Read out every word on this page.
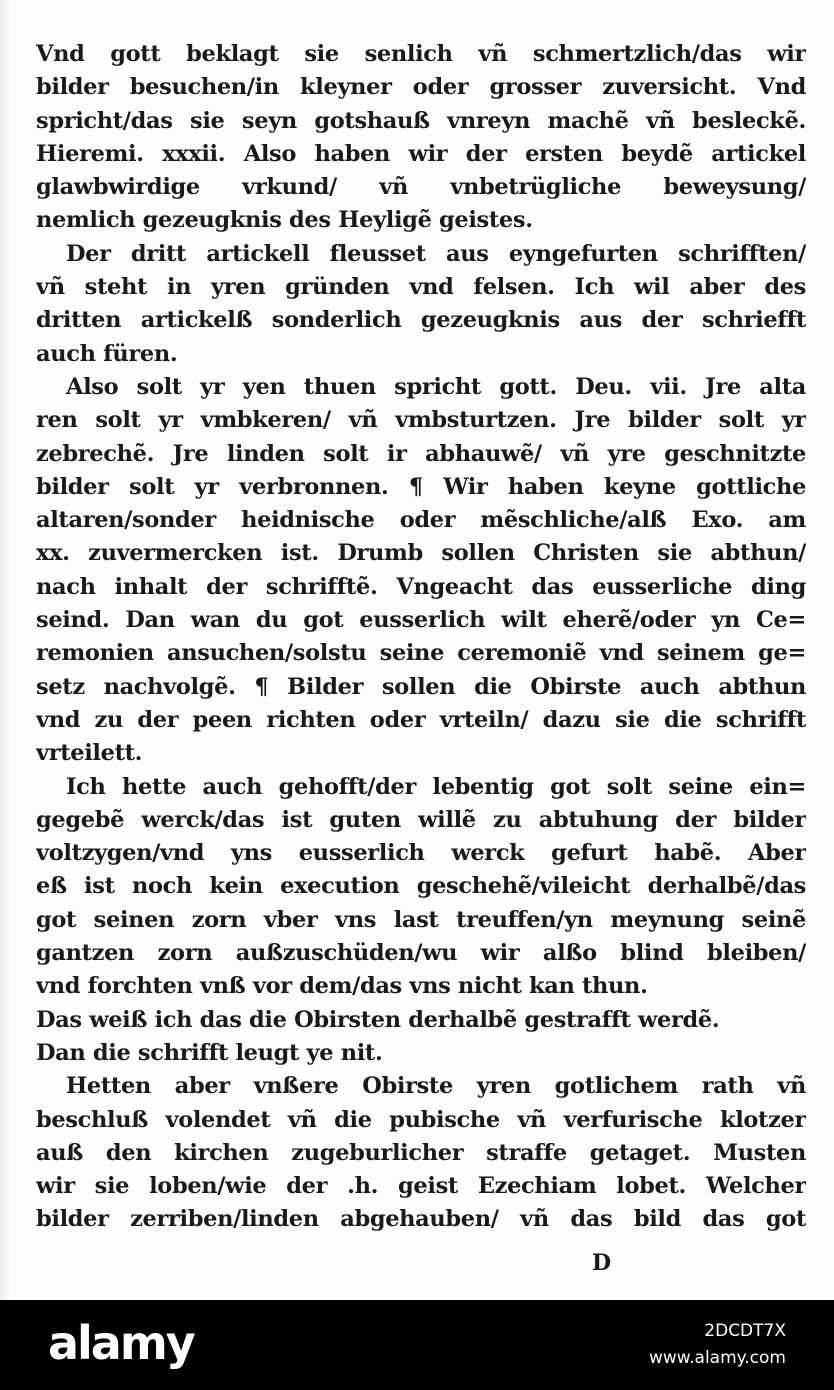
Vnd gott beklagt sie senlich vñ schmertzlich/das wir
bilder besuchen/in kleyner oder grosser zuversicht. Vnd
spricht/das sie seyn gotshauß vnreyn machẽ vñ besleckẽ.
Hieremi. xxxii. Also haben wir der ersten beydẽ artickel
glawbwirdige vrkund/ vñ vnbetrügliche beweysung/
nemlich gezeugknis des Heyligẽ geistes.
Der dritt artickell fleusset aus eyngefurten schrifften/
vñ steht in yren gründen vnd felsen. Ich wil aber des
dritten artickelß sonderlich gezeugknis aus der schriefft
auch füren.
Also solt yr yen thuen spricht gott. Deu. vii. Jre alta
ren solt yr vmbkeren/ vñ vmbsturtzen. Jre bilder solt yr
zebrechẽ. Jre linden solt ir abhauwẽ/ vñ yre geschnitzte
bilder solt yr verbronnen. ¶ Wir haben keyne gottliche
altaren/sonder heidnische oder mẽschliche/alß Exo. am
xx. zuvermercken ist. Drumb sollen Christen sie abthun/
nach inhalt der schrifftẽ. Vngeacht das eusserliche ding
seind. Dan wan du got eusserlich wilt eherẽ/oder yn Ce=
remonien ansuchen/solstu seine ceremoniẽ vnd seinem ge=
setz nachvolgẽ. ¶ Bilder sollen die Obirste auch abthun
vnd zu der peen richten oder vrteiln/ dazu sie die schrifft
vrteilett.
Ich hette auch gehofft/der lebentig got solt seine ein=
gegebẽ werck/das ist guten willẽ zu abtuhung der bilder
voltzygen/vnd yns eusserlich werck gefurt habẽ. Aber
eß ist noch kein execution geschehẽ/vileicht derhalbẽ/das
got seinen zorn vber vns last treuffen/yn meynung seinẽ
gantzen zorn außzuschüden/wu wir alßo blind bleiben/
vnd forchten vnß vor dem/das vns nicht kan thun.
Das weiß ich das die Obirsten derhalbẽ gestrafft werdẽ.
Dan die schrifft leugt ye nit.
Hetten aber vnßere Obirste yren gotlichem rath vñ
beschluß volendet vñ die pubische vñ verfurische klotzer
auß den kirchen zugeburlicher straffe getaget. Musten
wir sie loben/wie der .h. geist Ezechiam lobet. Welcher
bilder zerriben/linden abgehauben/ vñ das bild das got
D
alamy	2DCDT7X
www.alamy.com
